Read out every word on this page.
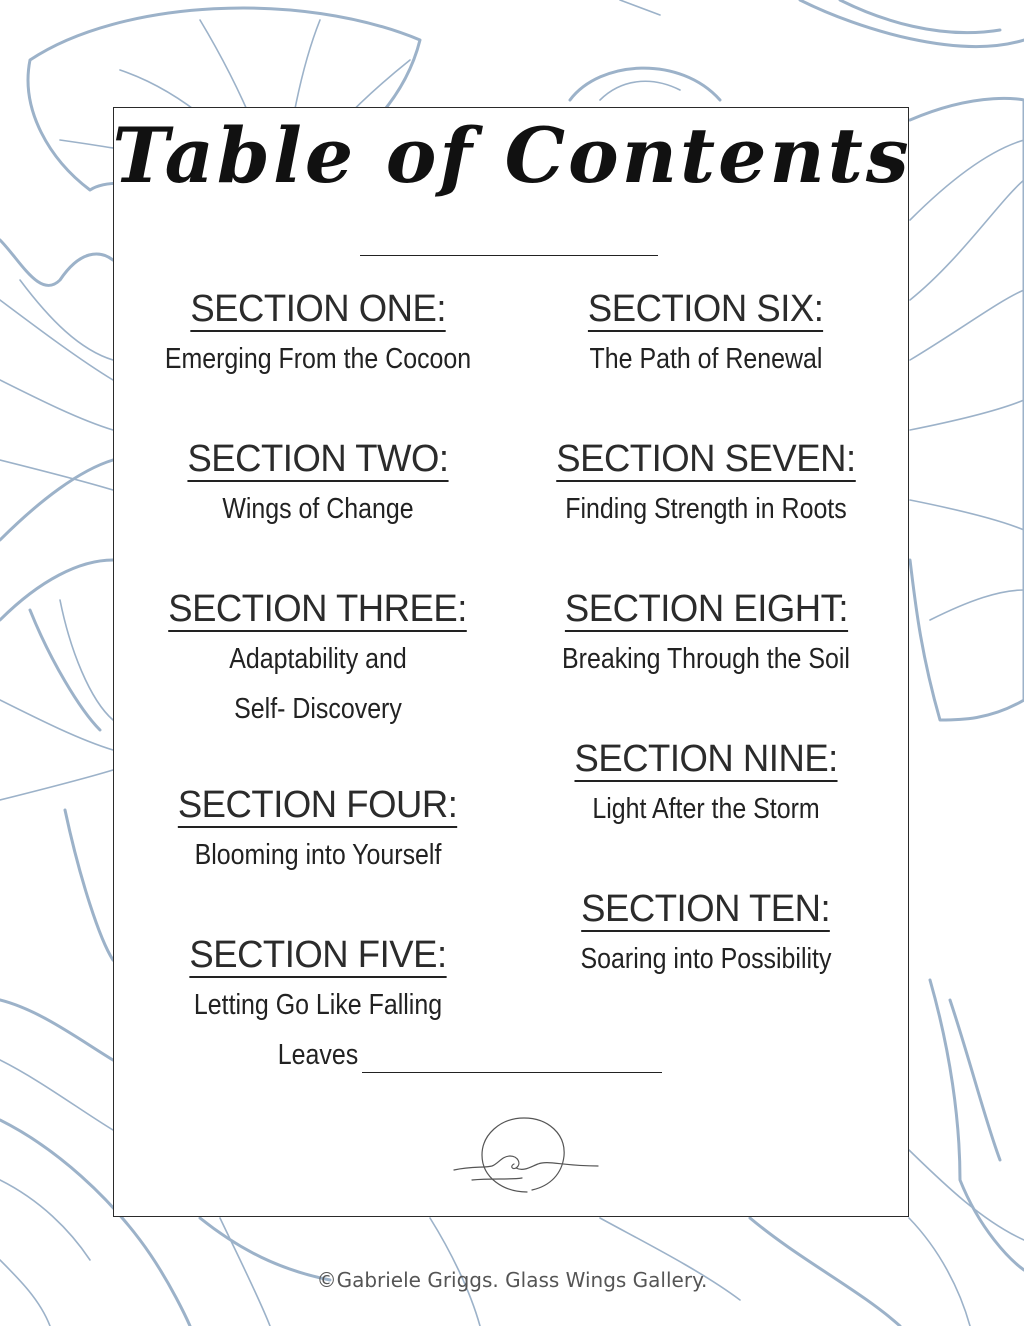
Table of Contents
SECTION ONE:
Emerging From the Cocoon
SECTION TWO:
Wings of Change
SECTION THREE:
Adaptability and Self- Discovery
SECTION FOUR:
Blooming into Yourself
SECTION FIVE:
Letting Go Like Falling Leaves
SECTION SIX:
The Path of Renewal
SECTION SEVEN:
Finding Strength in Roots
SECTION EIGHT:
Breaking Through the Soil
SECTION NINE:
Light After the Storm
SECTION TEN:
Soaring into Possibility
©Gabriele Griggs. Glass Wings Gallery.
